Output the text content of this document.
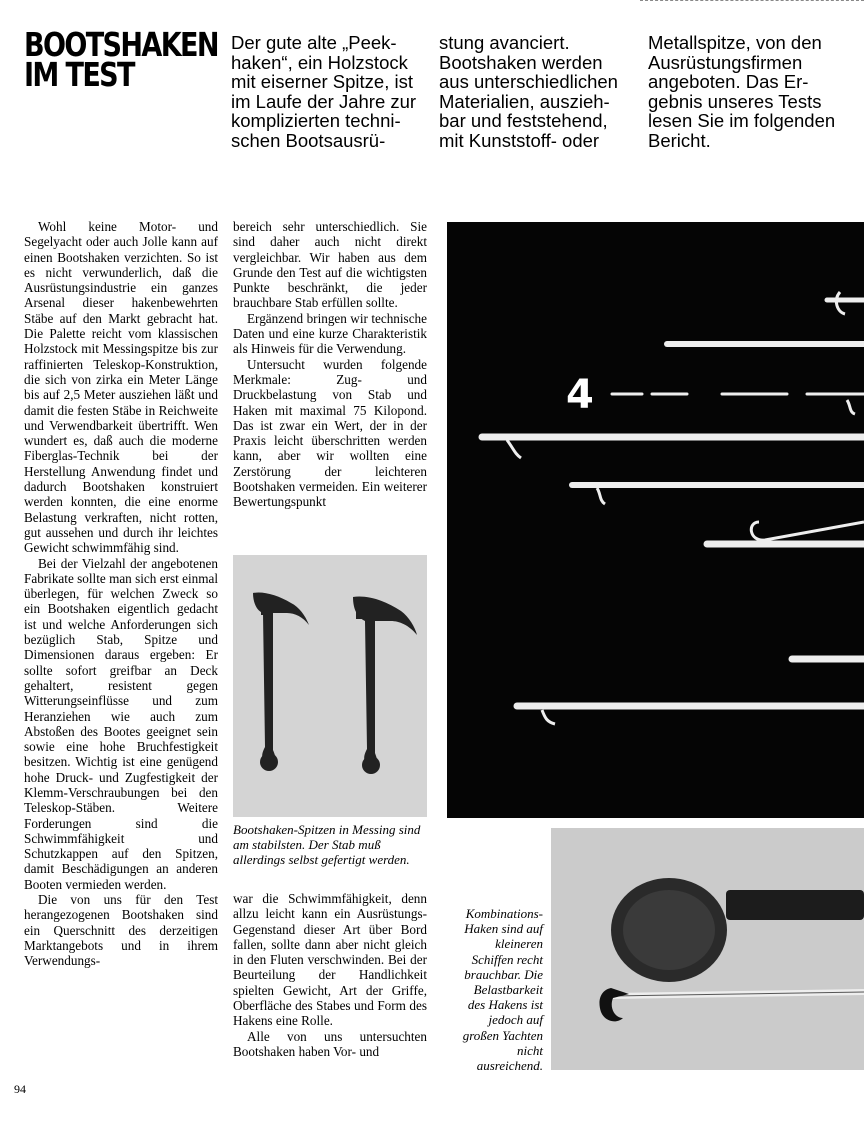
BOOTSHAKEN
IM TEST
Der gute alte „Peek-
haken“, ein Holzstock
mit eiserner Spitze, ist
im Laufe der Jahre zur
komplizierten techni-
schen Bootsausrü-
stung avanciert.
Bootshaken werden
aus unterschiedlichen
Materialien, ausziеh-
bar und feststehend,
mit Kunststoff- oder
Metallspitze, von den
Ausrüstungsfirmen
angeboten. Das Er-
gebnis unseres Tests
lesen Sie im folgenden
Bericht.

Wohl keine Motor- und Segelyacht oder auch Jolle kann auf einen Bootshaken verzichten. So ist es nicht verwunderlich, daß die Ausrüstungsindustrie ein ganzes Arsenal dieser hakenbewehrten Stäbe auf den Markt gebracht hat. Die Palette reicht vom klassischen Holzstock mit Messingspitze bis zur raffinierten Teleskop-Konstruktion, die sich von zirka ein Meter Länge bis auf 2,5 Meter ausziehen läßt und damit die festen Stäbe in Reichweite und Verwendbarkeit übertrifft. Wen wundert es, daß auch die moderne Fiberglas-Technik bei der Herstellung Anwendung findet und dadurch Bootshaken konstruiert werden konnten, die eine enorme Belastung verkraften, nicht rotten, gut aussehen und durch ihr leichtes Gewicht schwimmfähig sind.

Bei der Vielzahl der angebotenen Fabrikate sollte man sich erst einmal überlegen, für welchen Zweck so ein Bootshaken eigentlich gedacht ist und welche Anforderungen sich bezüglich Stab, Spitze und Dimensionen daraus ergeben: Er sollte sofort greifbar an Deck gehaltert, resistent gegen Witterungseinflüsse und zum Heranziehen wie auch zum Abstoßen des Bootes geeignet sein sowie eine hohe Bruchfestigkeit besitzen. Wichtig ist eine genügend hohe Druck- und Zugfestigkeit der Klemm-Verschraubungen bei den Teleskop-Stäben. Weitere Forderungen sind die Schwimmfähigkeit und Schutzkappen auf den Spitzen, damit Beschädigungen an anderen Booten vermieden werden.

Die von uns für den Test herangezogenen Bootshaken sind ein Querschnitt des derzeitigen Marktangebots und in ihrem Verwendungs-

bereich sehr unterschiedlich. Sie sind daher auch nicht direkt vergleichbar. Wir haben aus dem Grunde den Test auf die wichtigsten Punkte beschränkt, die jeder brauchbare Stab erfüllen sollte.

Ergänzend bringen wir technische Daten und eine kurze Charakteristik als Hinweis für die Verwendung.

Untersucht wurden folgende Merkmale: Zug- und Druckbelastung von Stab und Haken mit maximal 75 Kilopond. Das ist zwar ein Wert, der in der Praxis leicht überschritten werden kann, aber wir wollten eine Zerstörung der leichteren Bootshaken vermeiden. Ein weiterer Bewertungspunkt

Bootshaken-Spitzen in Messing sind am stabilsten. Der Stab muß allerdings selbst gefertigt werden.

war die Schwimmfähigkeit, denn allzu leicht kann ein Ausrüstungs-Gegenstand dieser Art über Bord fallen, sollte dann aber nicht gleich in den Fluten verschwinden. Bei der Beurteilung der Handlichkeit spielten Gewicht, Art der Griffe, Oberfläche des Stabes und Form des Hakens eine Rolle.

Alle von uns untersuchten Bootshaken haben Vor- und

4
Kombinations-Haken sind auf kleineren Schiffen recht brauchbar. Die Belastbarkeit des Hakens ist jedoch auf großen Yachten nicht ausreichend.
94
